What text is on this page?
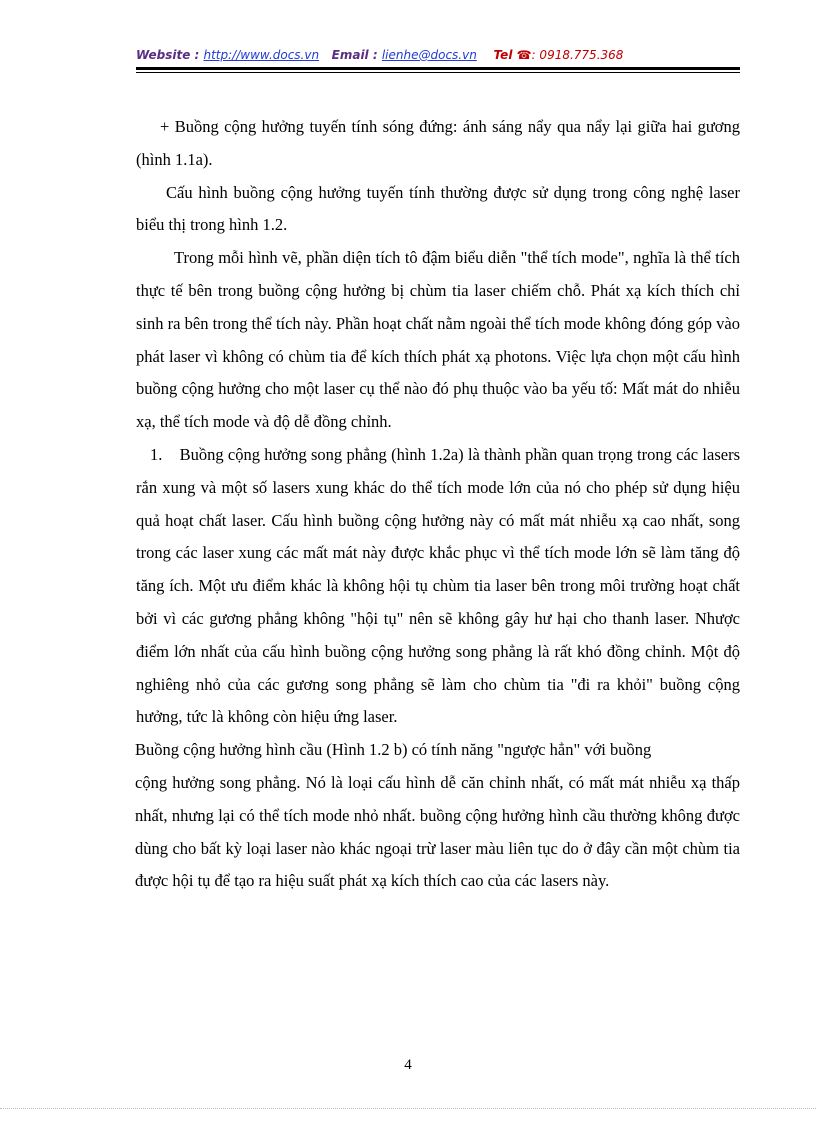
Website : http://www.docs.vn Email : lienhe@docs.vn Tel ☎: 0918.775.368

+ Buồng cộng hưởng tuyến tính sóng đứng: ánh sáng nẩy qua nẩy lại giữa hai gương (hình 1.1a).

Cấu hình buồng cộng hưởng tuyến tính thường được sử dụng trong công nghệ laser biểu thị trong hình 1.2.

Trong mỗi hình vẽ, phần diện tích tô đậm biểu diễn "thể tích mode", nghĩa là thể tích thực tế bên trong buồng cộng hưởng bị chùm tia laser chiếm chỗ. Phát xạ kích thích chỉ sinh ra bên trong thể tích này. Phần hoạt chất nằm ngoài thể tích mode không đóng góp vào phát laser vì không có chùm tia để kích thích phát xạ photons. Việc lựa chọn một cấu hình buồng cộng hưởng cho một laser cụ thể nào đó phụ thuộc vào ba yếu tố: Mất mát do nhiễu xạ, thể tích mode và độ dễ đồng chỉnh.

1. Buồng cộng hưởng song phẳng (hình 1.2a) là thành phần quan trọng trong các lasers rắn xung và một số lasers xung khác do thể tích mode lớn của nó cho phép sử dụng hiệu quả hoạt chất laser. Cấu hình buồng cộng hưởng này có mất mát nhiễu xạ cao nhất, song trong các laser xung các mất mát này được khắc phục vì thể tích mode lớn sẽ làm tăng độ tăng ích. Một ưu điểm khác là không hội tụ chùm tia laser bên trong môi trường hoạt chất bởi vì các gương phẳng không "hội tụ" nên sẽ không gây hư hại cho thanh laser. Nhược điểm lớn nhất của cấu hình buồng cộng hưởng song phẳng là rất khó đồng chỉnh. Một độ nghiêng nhỏ của các gương song phẳng sẽ làm cho chùm tia "đi ra khỏi" buồng cộng hưởng, tức là không còn hiệu ứng laser.

Buồng cộng hưởng hình cầu (Hình 1.2 b) có tính năng "ngược hẳn" với buồng
cộng hưởng song phẳng. Nó là loại cấu hình dễ căn chỉnh nhất, có mất mát nhiễu xạ thấp nhất, nhưng lại có thể tích mode nhỏ nhất. buồng cộng hưởng hình cầu thường không được dùng cho bất kỳ loại laser nào khác ngoại trừ laser màu liên tục do ở đây cần một chùm tia được hội tụ để tạo ra hiệu suất phát xạ kích thích cao của các lasers này.

4
